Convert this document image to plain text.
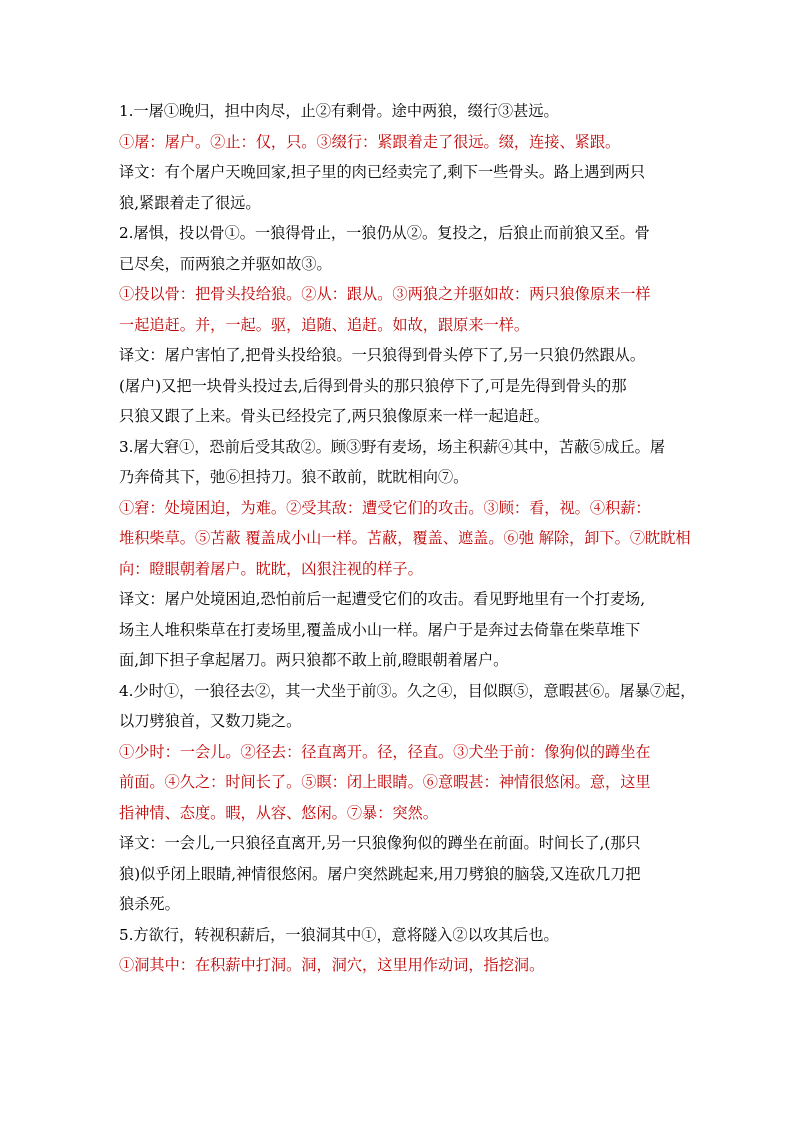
1.一屠①晚归，担中肉尽，止②有剩骨。途中两狼，缀行③甚远。

①屠：屠户。②止：仅，只。③缀行：紧跟着走了很远。缀，连接、紧跟。

译文：有个屠户天晚回家,担子里的肉已经卖完了,剩下一些骨头。路上遇到两只

狼,紧跟着走了很远。

2.屠惧，投以骨①。一狼得骨止，一狼仍从②。复投之，后狼止而前狼又至。骨

已尽矣，而两狼之并驱如故③。

①投以骨：把骨头投给狼。②从：跟从。③两狼之并驱如故：两只狼像原来一样

一起追赶。并，一起。驱，追随、追赶。如故，跟原来一样。

译文：屠户害怕了,把骨头投给狼。一只狼得到骨头停下了,另一只狼仍然跟从。

(屠户)又把一块骨头投过去,后得到骨头的那只狼停下了,可是先得到骨头的那

只狼又跟了上来。骨头已经投完了,两只狼像原来一样一起追赶。

3.屠大窘①，恐前后受其敌②。顾③野有麦场，场主积薪④其中，苫蔽⑤成丘。屠

乃奔倚其下，弛⑥担持刀。狼不敢前，眈眈相向⑦。

①窘：处境困迫，为难。②受其敌：遭受它们的攻击。③顾：看，视。④积薪：

堆积柴草。⑤苫蔽 覆盖成小山一样。苫蔽，覆盖、遮盖。⑥弛 解除，卸下。⑦眈眈相

向：瞪眼朝着屠户。眈眈，凶狠注视的样子。

译文：屠户处境困迫,恐怕前后一起遭受它们的攻击。看见野地里有一个打麦场,

场主人堆积柴草在打麦场里,覆盖成小山一样。屠户于是奔过去倚靠在柴草堆下

面,卸下担子拿起屠刀。两只狼都不敢上前,瞪眼朝着屠户。

4.少时①，一狼径去②，其一犬坐于前③。久之④，目似瞑⑤，意暇甚⑥。屠暴⑦起，

以刀劈狼首，又数刀毙之。

①少时：一会儿。②径去：径直离开。径，径直。③犬坐于前：像狗似的蹲坐在

前面。④久之：时间长了。⑤瞑：闭上眼睛。⑥意暇甚：神情很悠闲。意，这里

指神情、态度。暇，从容、悠闲。⑦暴：突然。

译文：一会儿,一只狼径直离开,另一只狼像狗似的蹲坐在前面。时间长了,(那只

狼)似乎闭上眼睛,神情很悠闲。屠户突然跳起来,用刀劈狼的脑袋,又连砍几刀把

狼杀死。

5.方欲行，转视积薪后，一狼洞其中①，意将隧入②以攻其后也。

①洞其中：在积薪中打洞。洞，洞穴，这里用作动词，指挖洞。
